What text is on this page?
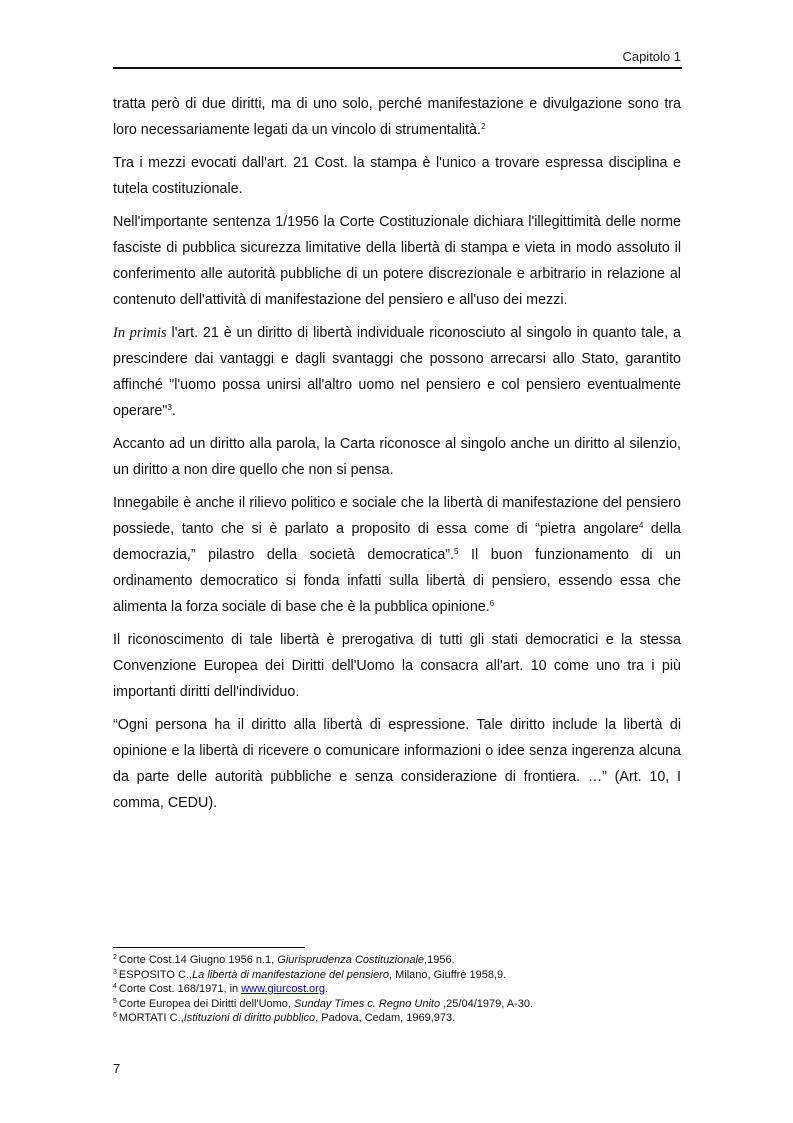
Capitolo 1

tratta però di due diritti, ma di uno solo, perché manifestazione e divulgazione sono tra loro necessariamente legati da un vincolo di strumentalità.$^2$

Tra i mezzi evocati dall'art. 21 Cost. la stampa è l'unico a trovare espressa disciplina e tutela costituzionale.

Nell'importante sentenza 1/1956 la Corte Costituzionale dichiara l'illegittimità delle norme fasciste di pubblica sicurezza limitative della libertà di stampa e vieta in modo assoluto il conferimento alle autorità pubbliche di un potere discrezionale e arbitrario in relazione al contenuto dell'attività di manifestazione del pensiero e all'uso dei mezzi.

In primis l'art. 21 è un diritto di libertà individuale riconosciuto al singolo in quanto tale, a prescindere dai vantaggi e dagli svantaggi che possono arrecarsi allo Stato, garantito affinché "l'uomo possa unirsi all'altro uomo nel pensiero e col pensiero eventualmente operare"$^3$.

Accanto ad un diritto alla parola, la Carta riconosce al singolo anche un diritto al silenzio, un diritto a non dire quello che non si pensa.

Innegabile è anche il rilievo politico e sociale che la libertà di manifestazione del pensiero possiede, tanto che si è parlato a proposito di essa come di “pietra angolare$^4$ della democrazia,” pilastro della società democratica”.$^5$ Il buon funzionamento di un ordinamento democratico si fonda infatti sulla libertà di pensiero, essendo essa che alimenta la forza sociale di base che è la pubblica opinione.$^6$

Il riconoscimento di tale libertà è prerogativa di tutti gli stati democratici e la stessa Convenzione Europea dei Diritti dell'Uomo la consacra all'art. 10 come uno tra i più importanti diritti dell'individuo.

“Ogni persona ha il diritto alla libertà di espressione. Tale diritto include la libertà di opinione e la libertà di ricevere o comunicare informazioni o idee senza ingerenza alcuna da parte delle autorità pubbliche e senza considerazione di frontiera. …” (Art. 10, I comma, CEDU).

$^2$ Corte Cost.14 Giugno 1956 n.1, Giurisprudenza Costituzionale,1956.
$^3$ ESPOSITO C.,La libertà di manifestazione del pensiero, Milano, Giuffrè 1958,9.
$^4$ Corte Cost. 168/1971, in www.giurcost.org.
$^5$ Corte Europea dei Diritti dell'Uomo, Sunday Times c. Regno Unito ,25/04/1979, A-30.
$^6$ MORTATI C.,Istituzioni di diritto pubblico, Padova, Cedam, 1969,973.
7
